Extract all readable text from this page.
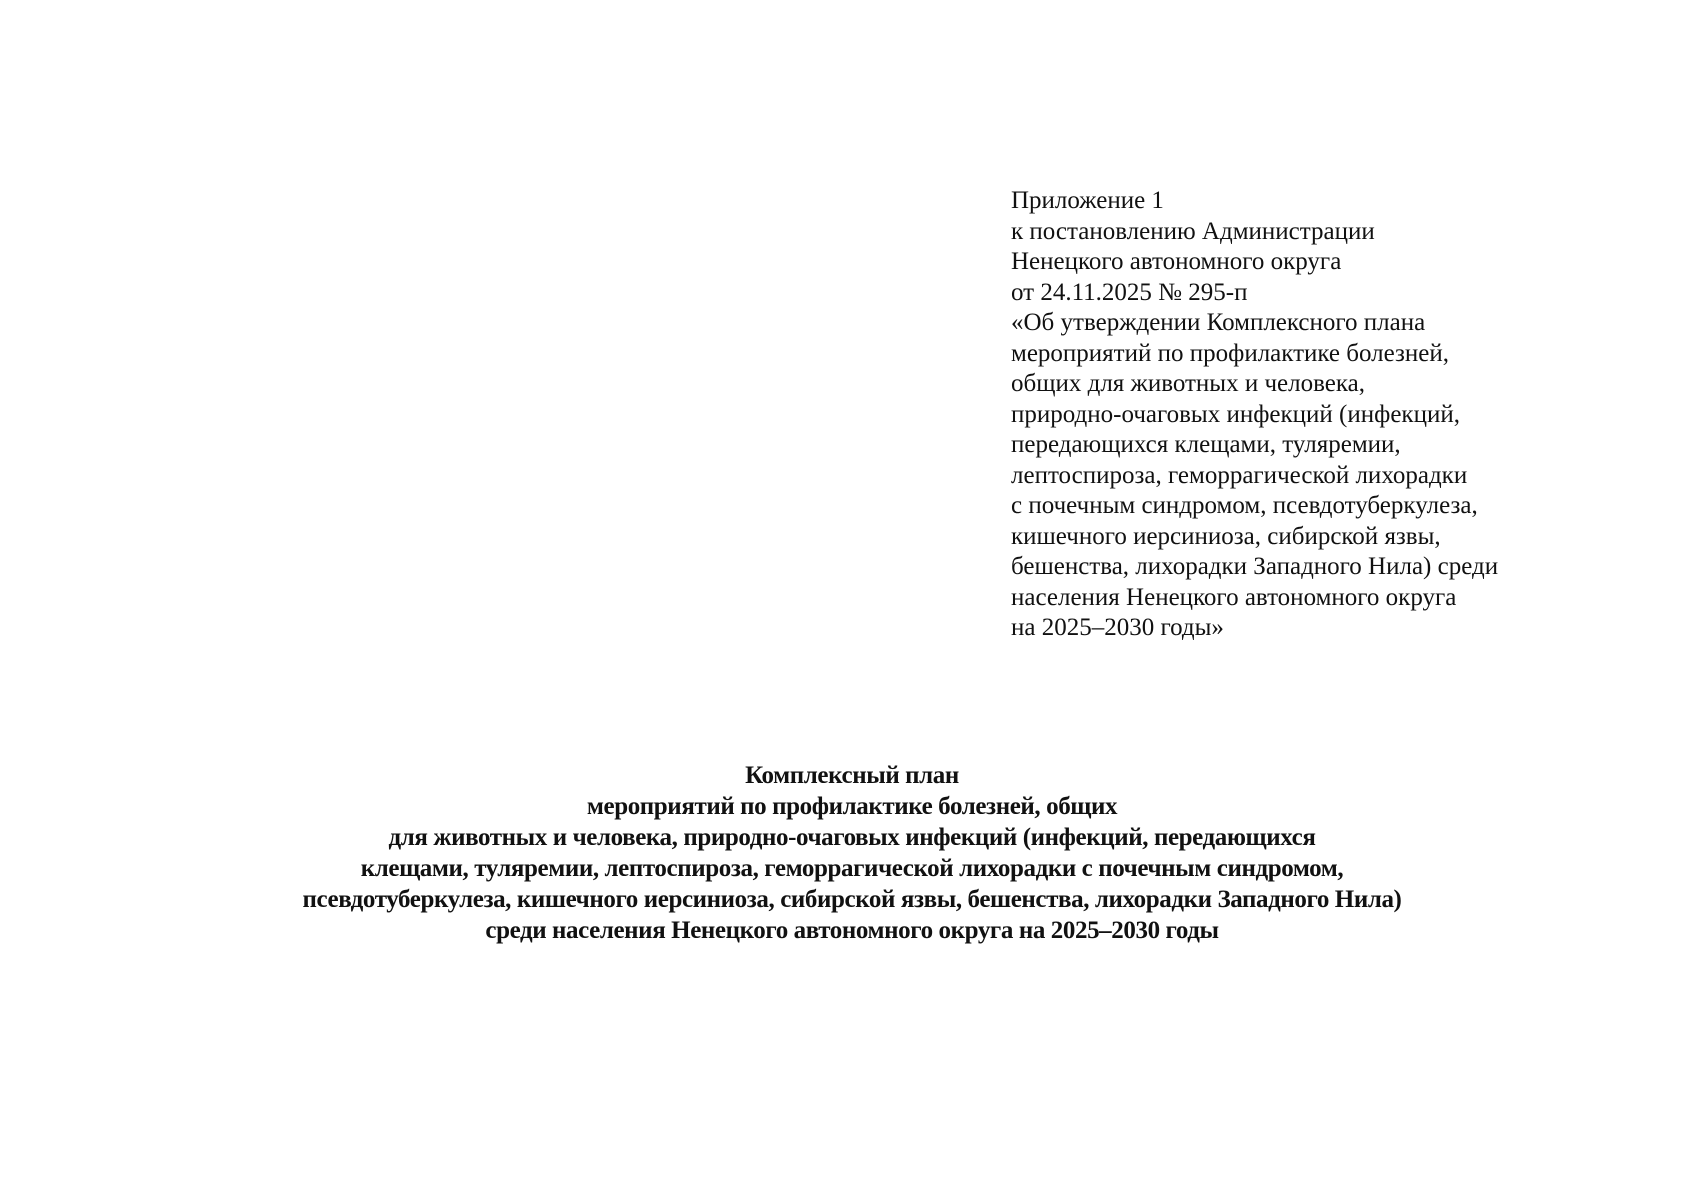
Приложение 1
к постановлению Администрации
Ненецкого автономного округа
от 24.11.2025 № 295-п
«Об утверждении Комплексного плана
мероприятий по профилактике болезней,
общих для животных и человека,
природно-очаговых инфекций (инфекций,
передающихся клещами, туляремии,
лептоспироза, геморрагической лихорадки
с почечным синдромом, псевдотуберкулеза,
кишечного иерсиниоза, сибирской язвы,
бешенства, лихорадки Западного Нила) среди
населения Ненецкого автономного округа
на 2025–2030 годы»
Комплексный план
мероприятий по профилактике болезней, общих
для животных и человека, природно-очаговых инфекций (инфекций, передающихся
клещами, туляремии, лептоспироза, геморрагической лихорадки с почечным синдромом,
псевдотуберкулеза, кишечного иерсиниоза, сибирской язвы, бешенства, лихорадки Западного Нила)
среди населения Ненецкого автономного округа на 2025–2030 годы
